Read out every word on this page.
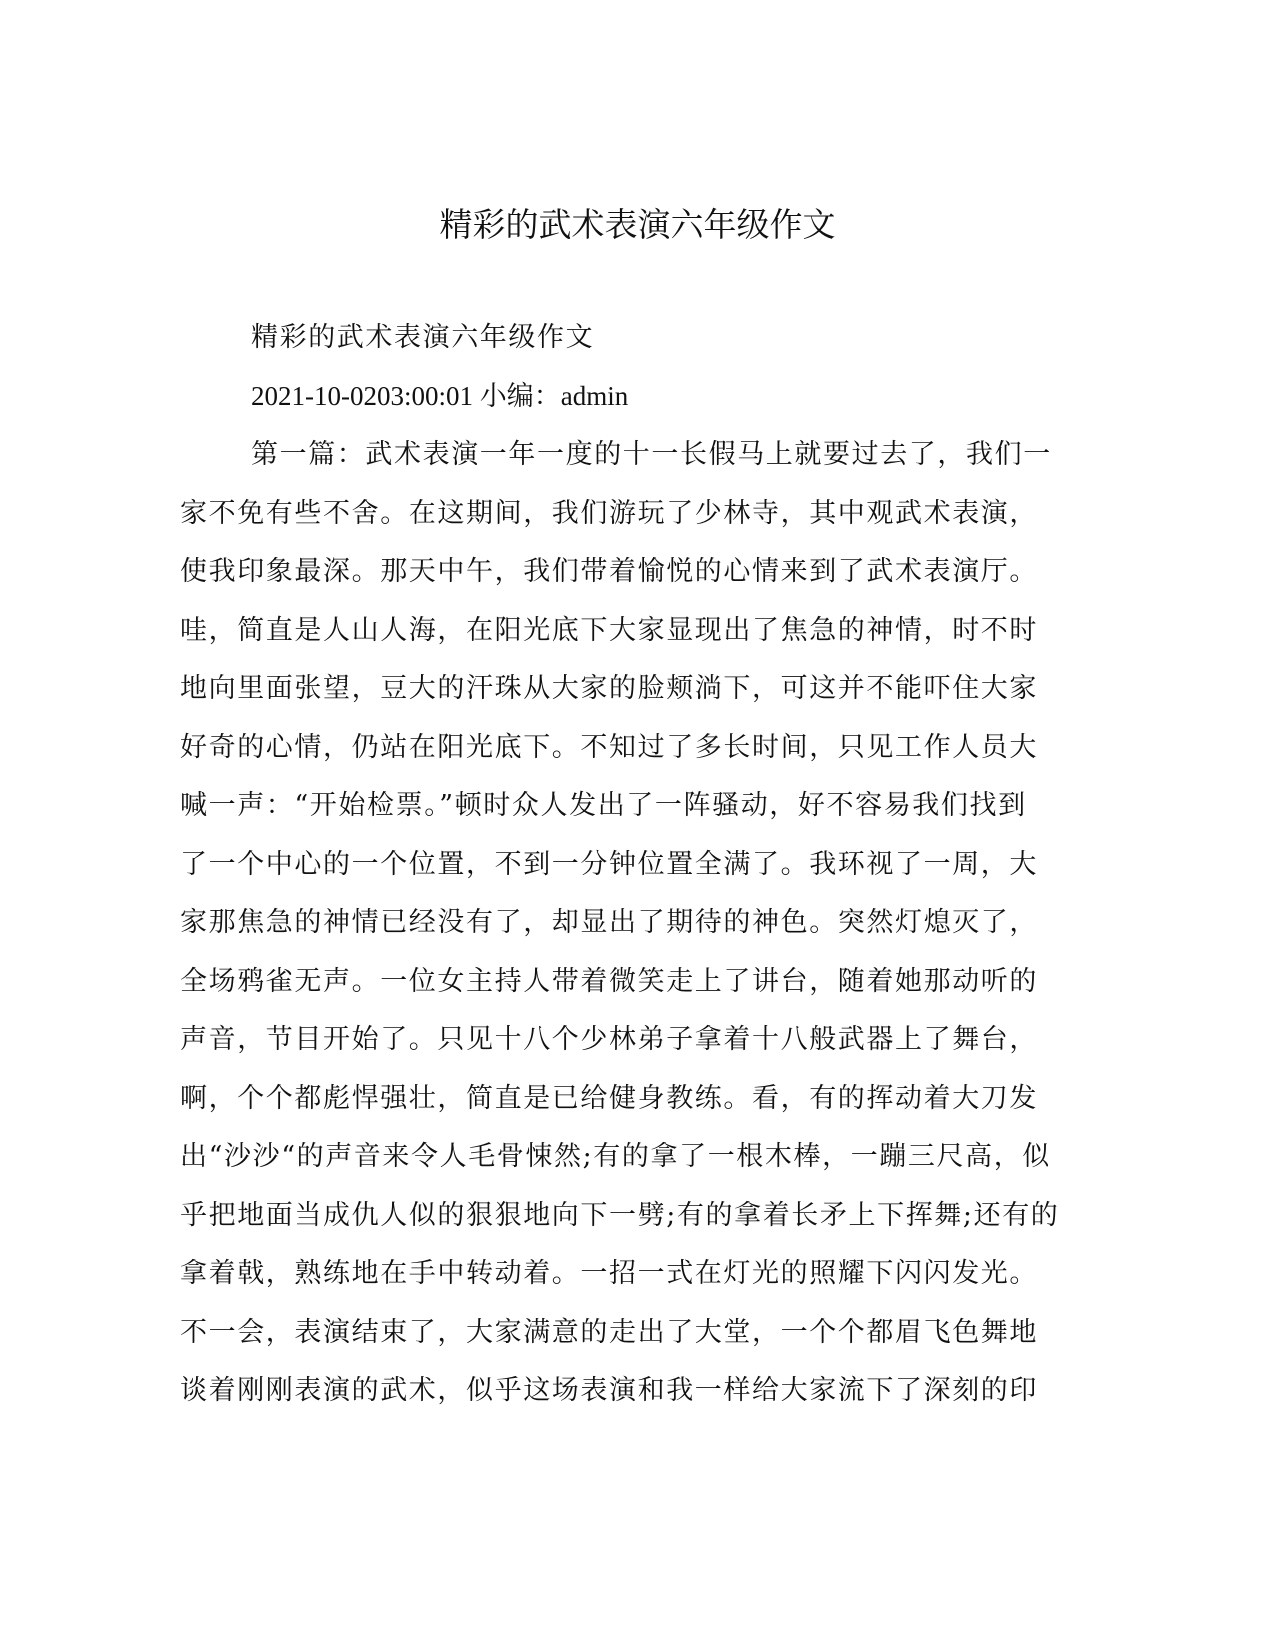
精彩的武术表演六年级作文
精彩的武术表演六年级作文
2021-10-0203:00:01 小编：admin
第一篇：武术表演一年一度的十一长假马上就要过去了，我们一
家不免有些不舍。在这期间，我们游玩了少林寺，其中观武术表演，
使我印象最深。那天中午，我们带着愉悦的心情来到了武术表演厅。
哇，简直是人山人海，在阳光底下大家显现出了焦急的神情，时不时
地向里面张望，豆大的汗珠从大家的脸颊淌下，可这并不能吓住大家
好奇的心情，仍站在阳光底下。不知过了多长时间，只见工作人员大
喊一声：“开始检票。”顿时众人发出了一阵骚动，好不容易我们找到
了一个中心的一个位置，不到一分钟位置全满了。我环视了一周，大
家那焦急的神情已经没有了，却显出了期待的神色。突然灯熄灭了，
全场鸦雀无声。一位女主持人带着微笑走上了讲台，随着她那动听的
声音，节目开始了。只见十八个少林弟子拿着十八般武器上了舞台，
啊，个个都彪悍强壮，简直是已给健身教练。看，有的挥动着大刀发
出“沙沙“的声音来令人毛骨悚然;有的拿了一根木棒，一蹦三尺高，似
乎把地面当成仇人似的狠狠地向下一劈;有的拿着长矛上下挥舞;还有的
拿着戟，熟练地在手中转动着。一招一式在灯光的照耀下闪闪发光。
不一会，表演结束了，大家满意的走出了大堂，一个个都眉飞色舞地
谈着刚刚表演的武术，似乎这场表演和我一样给大家流下了深刻的印
